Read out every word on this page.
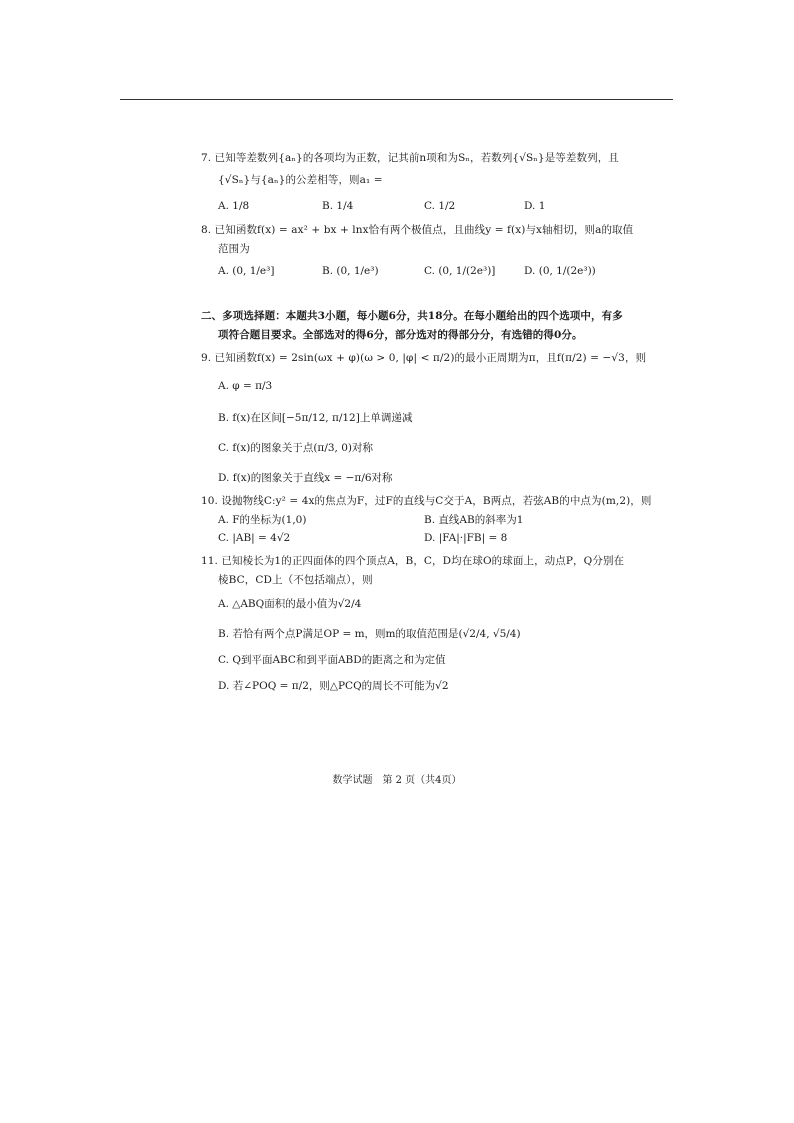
7. 已知等差数列{aₙ}的各项均为正数，记其前n项和为Sₙ，若数列{√Sₙ}是等差数列，且
{√Sₙ}与{aₙ}的公差相等，则a₁ =
A. 1/8	B. 1/4	C. 1/2	D. 1
8. 已知函数f(x) = ax² + bx + lnx恰有两个极值点，且曲线y = f(x)与x轴相切，则a的取值
范围为
A. (0, 1/e³]	B. (0, 1/e³)	C. (0, 1/(2e³)]	D. (0, 1/(2e³))
二、多项选择题：本题共3小题，每小题6分，共18分。在每小题给出的四个选项中，有多
项符合题目要求。全部选对的得6分，部分选对的得部分分，有选错的得0分。
9. 已知函数f(x) = 2sin(ωx + φ)(ω > 0, |φ| < π/2)的最小正周期为π，且f(π/2) = −√3，则
A. φ = π/3
B. f(x)在区间[−5π/12, π/12]上单调递减
C. f(x)的图象关于点(π/3, 0)对称
D. f(x)的图象关于直线x = −π/6对称
10. 设抛物线C:y² = 4x的焦点为F，过F的直线与C交于A，B两点，若弦AB的中点为(m,2)，则
A. F的坐标为(1,0)	B. 直线AB的斜率为1
C. |AB| = 4√2	D. |FA|·|FB| = 8
11. 已知棱长为1的正四面体的四个顶点A，B，C，D均在球O的球面上，动点P，Q分别在
棱BC，CD上（不包括端点），则
A. △ABQ面积的最小值为√2/4
B. 若恰有两个点P满足OP = m，则m的取值范围是(√2/4, √5/4)
C. Q到平面ABC和到平面ABD的距离之和为定值
D. 若∠POQ = π/2，则△PCQ的周长不可能为√2
数学试题　第 2 页（共4页）
